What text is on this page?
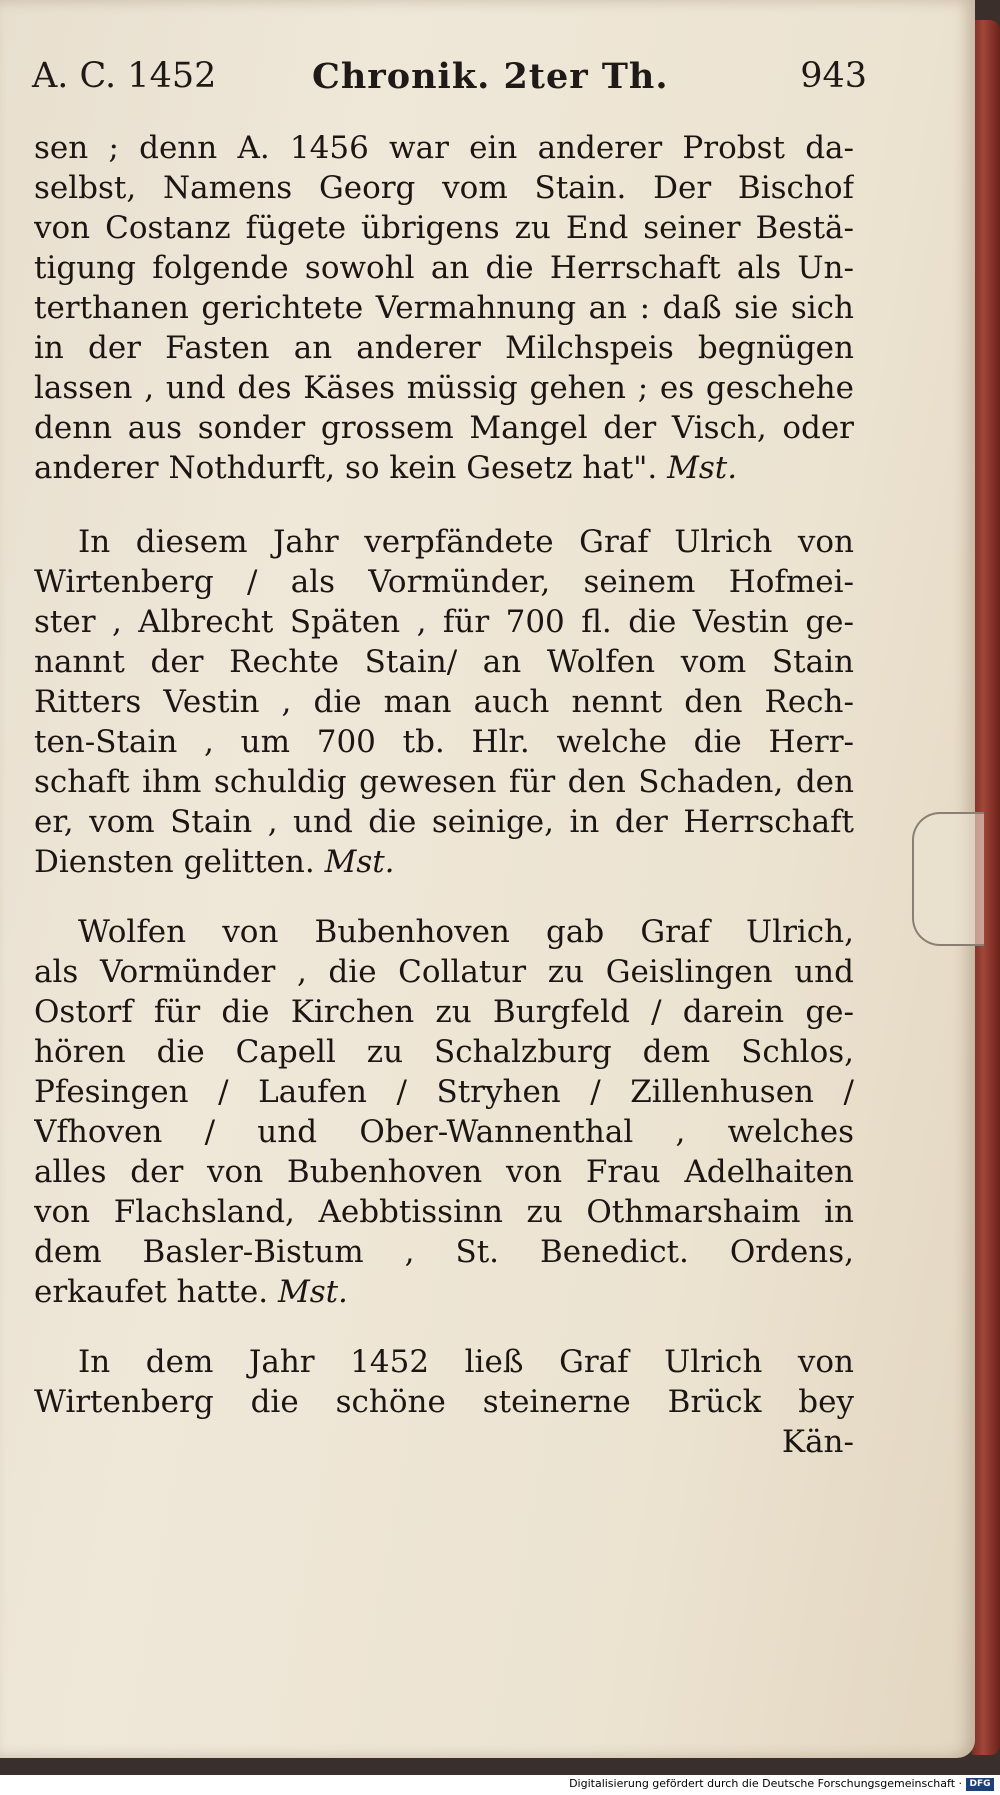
A. C. 1452	Chronik. 2ter Th.	943
sen ; denn A. 1456 war ein anderer Probst da-
selbst, Namens Georg vom Stain. Der Bischof
von Costanz fügete übrigens zu End seiner Bestä-
tigung folgende sowohl an die Herrschaft als Un-
terthanen gerichtete Vermahnung an : daß sie sich
in der Fasten an anderer Milchspeis begnügen
lassen , und des Käses müssig gehen ; es geschehe
denn aus sonder grossem Mangel der Visch, oder
anderer Nothdurft, so kein Gesetz hat". Mst.
In diesem Jahr verpfändete Graf Ulrich von
Wirtenberg / als Vormünder, seinem Hofmei-
ster , Albrecht Späten , für 700 fl. die Vestin ge-
nannt der Rechte Stain/ an Wolfen vom Stain
Ritters Vestin , die man auch nennt den Rech-
ten-Stain , um 700 tb. Hlr. welche die Herr-
schaft ihm schuldig gewesen für den Schaden, den
er, vom Stain , und die seinige, in der Herrschaft
Diensten gelitten. Mst.
Wolfen von Bubenhoven gab Graf Ulrich,
als Vormünder , die Collatur zu Geislingen und
Ostorf für die Kirchen zu Burgfeld / darein ge-
hören die Capell zu Schalzburg dem Schlos,
Pfesingen / Laufen / Stryhen / Zillenhusen /
Vfhoven / und Ober-Wannenthal , welches
alles der von Bubenhoven von Frau Adelhaiten
von Flachsland, Aebbtissinn zu Othmarshaim in
dem Basler-Bistum , St. Benedict. Ordens,
erkaufet hatte. Mst.
In dem Jahr 1452 ließ Graf Ulrich von
Wirtenberg die schöne steinerne Brück bey
Kän-
Digitalisierung gefördert durch die Deutsche Forschungsgemeinschaft · DFG
